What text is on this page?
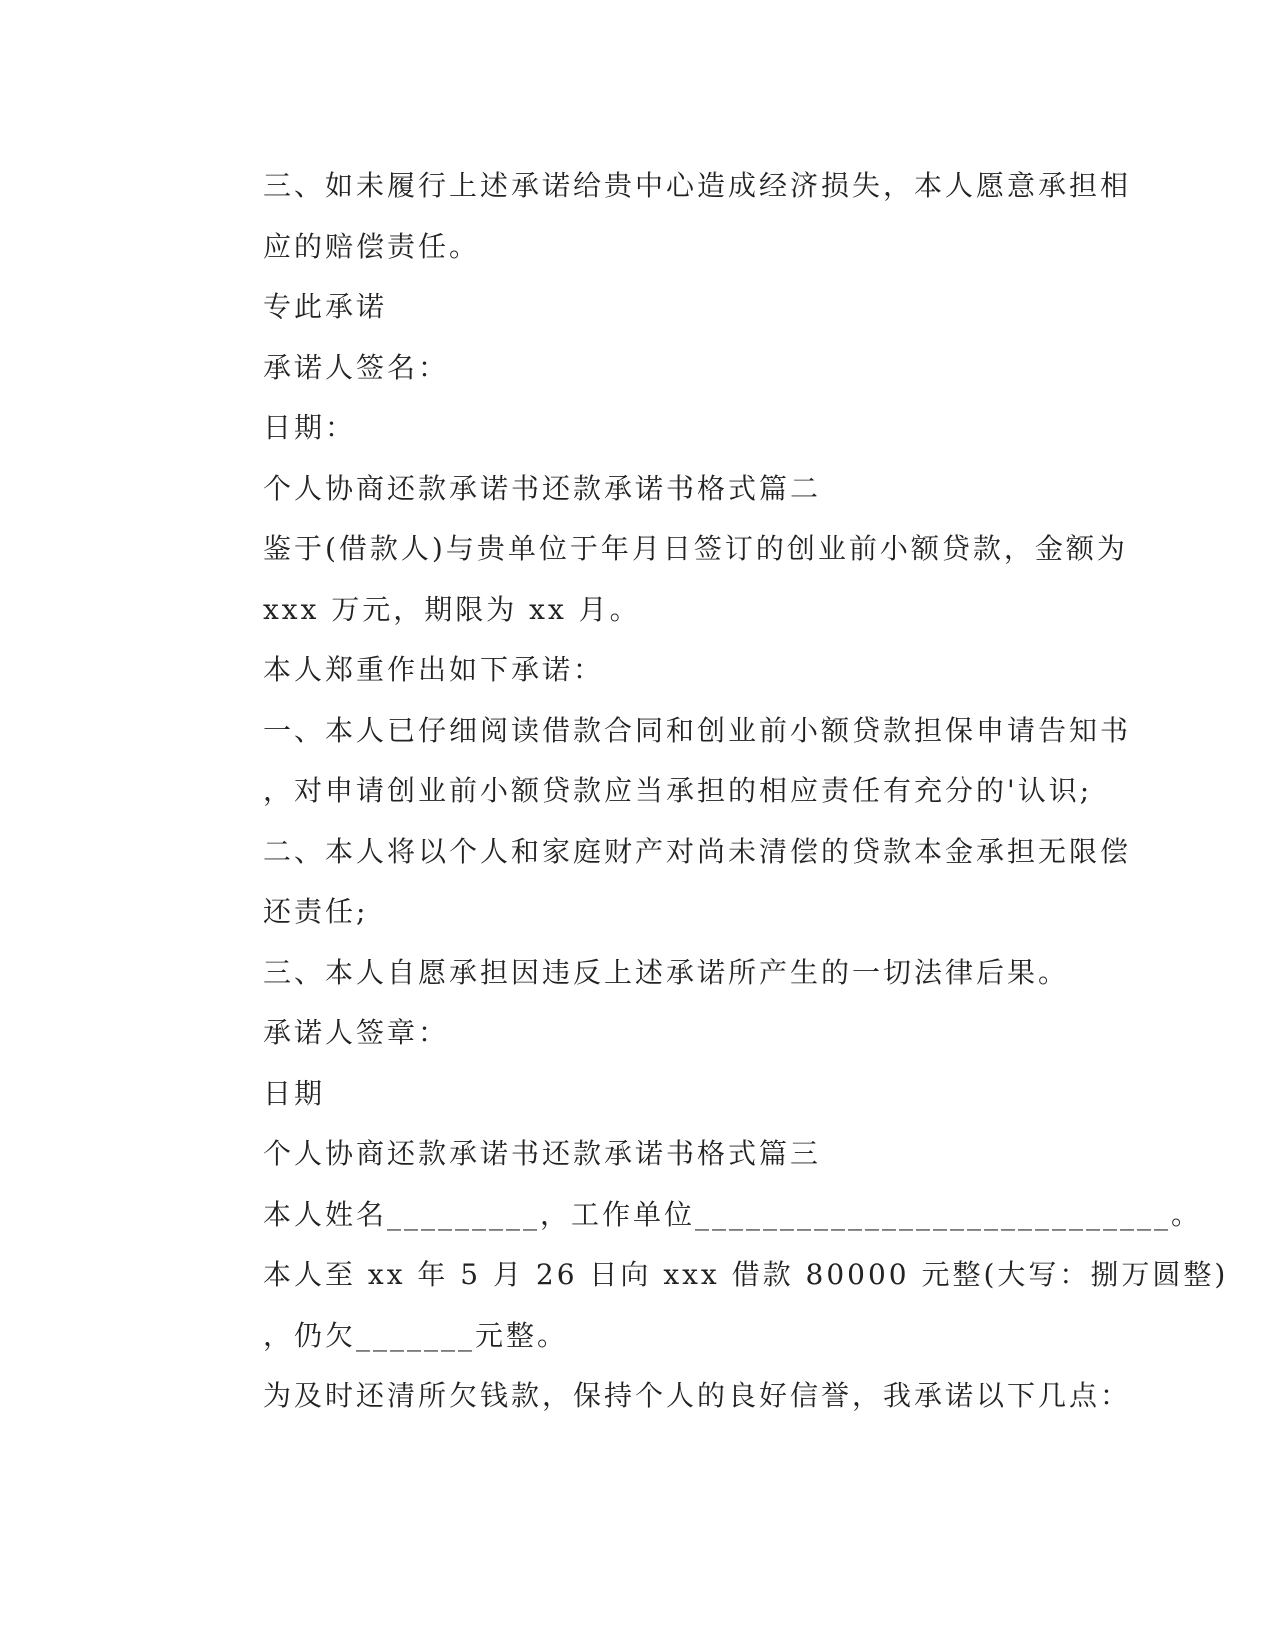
三、如未履行上述承诺给贵中心造成经济损失，本人愿意承担相
应的赔偿责任。

专此承诺

承诺人签名：

日期：

个人协商还款承诺书还款承诺书格式篇二

鉴于(借款人)与贵单位于年月日签订的创业前小额贷款，金额为
xxx 万元，期限为 xx 月。

本人郑重作出如下承诺：

一、本人已仔细阅读借款合同和创业前小额贷款担保申请告知书
，对申请创业前小额贷款应当承担的相应责任有充分的'认识;

二、本人将以个人和家庭财产对尚未清偿的贷款本金承担无限偿
还责任;

三、本人自愿承担因违反上述承诺所产生的一切法律后果。

承诺人签章：

日期

个人协商还款承诺书还款承诺书格式篇三

本人姓名_________，工作单位____________________________。

本人至 xx 年 5 月 26 日向 xxx 借款 80000 元整(大写：捌万圆整)
，仍欠_______元整。

为及时还清所欠钱款，保持个人的良好信誉，我承诺以下几点：
